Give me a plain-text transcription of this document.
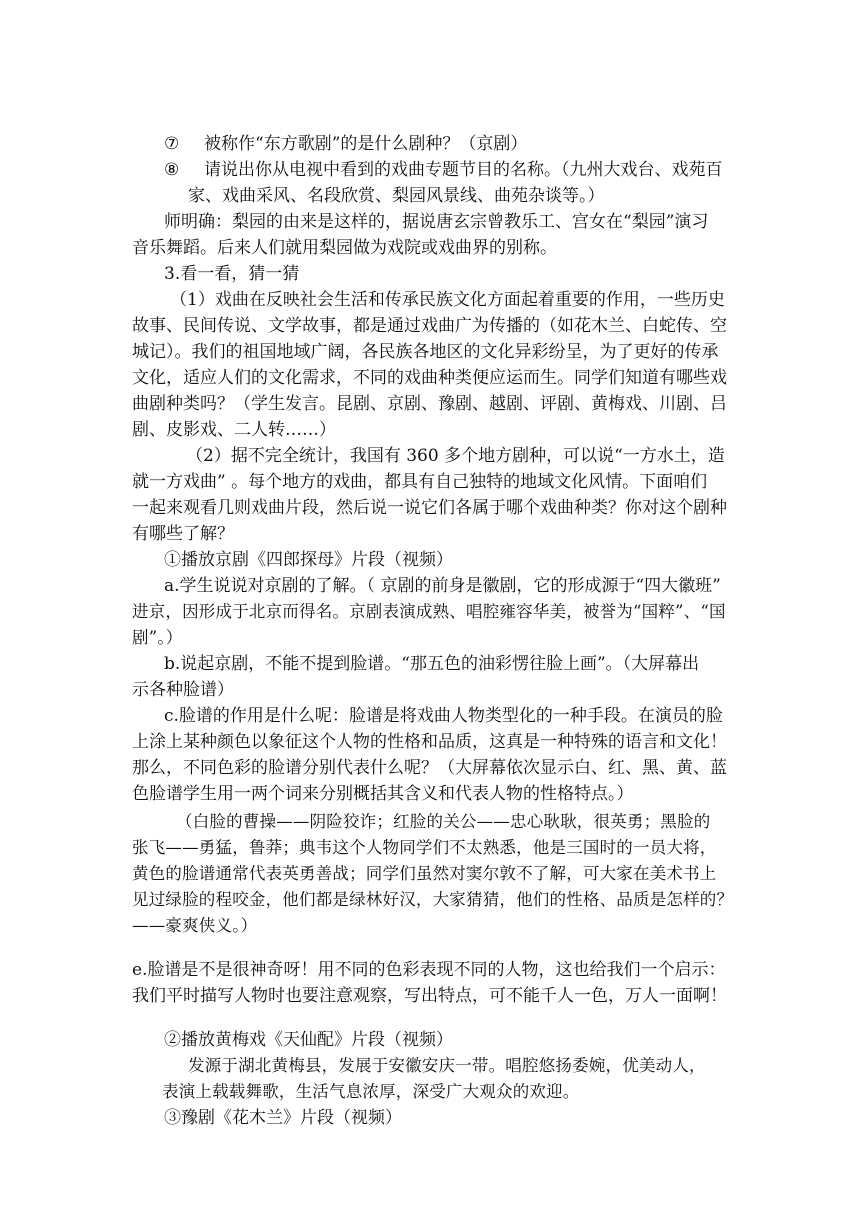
⑦ 被称作“东方歌剧”的是什么剧种？（京剧）
⑧ 请说出你从电视中看到的戏曲专题节目的名称。（九州大戏台、戏苑百
家、戏曲采风、名段欣赏、梨园风景线、曲苑杂谈等。）
师明确：梨园的由来是这样的，据说唐玄宗曾教乐工、宫女在“梨园”演习
音乐舞蹈。后来人们就用梨园做为戏院或戏曲界的别称。
3.看一看，猜一猜
（1）戏曲在反映社会生活和传承民族文化方面起着重要的作用，一些历史
故事、民间传说、文学故事，都是通过戏曲广为传播的（如花木兰、白蛇传、空
城记）。我们的祖国地域广阔，各民族各地区的文化异彩纷呈，为了更好的传承
文化，适应人们的文化需求，不同的戏曲种类便应运而生。同学们知道有哪些戏
曲剧种类吗？（学生发言。昆剧、京剧、豫剧、越剧、评剧、黄梅戏、川剧、吕
剧、皮影戏、二人转……）
（2）据不完全统计，我国有 360 多个地方剧种，可以说“一方水土，造
就一方戏曲” 。每个地方的戏曲，都具有自己独特的地域文化风情。下面咱们
一起来观看几则戏曲片段，然后说一说它们各属于哪个戏曲种类？你对这个剧种
有哪些了解？
①播放京剧《四郎探母》片段（视频）
a.学生说说对京剧的了解。（ 京剧的前身是徽剧，它的形成源于“四大徽班”
进京，因形成于北京而得名。京剧表演成熟、唱腔雍容华美，被誉为“国粹”、“国
剧”。）
b.说起京剧，不能不提到脸谱。“那五色的油彩愣往脸上画”。（大屏幕出
示各种脸谱）
c.脸谱的作用是什么呢：脸谱是将戏曲人物类型化的一种手段。在演员的脸
上涂上某种颜色以象征这个人物的性格和品质，这真是一种特殊的语言和文化！
那么，不同色彩的脸谱分别代表什么呢？（大屏幕依次显示白、红、黑、黄、蓝
色脸谱学生用一两个词来分别概括其含义和代表人物的性格特点。）
（白脸的曹操——阴险狡诈；红脸的关公——忠心耿耿，很英勇；黑脸的
张飞——勇猛，鲁莽；典韦这个人物同学们不太熟悉，他是三国时的一员大将，
黄色的脸谱通常代表英勇善战；同学们虽然对窦尔敦不了解，可大家在美术书上
见过绿脸的程咬金，他们都是绿林好汉，大家猜猜，他们的性格、品质是怎样的？
——豪爽侠义。）
e.脸谱是不是很神奇呀！用不同的色彩表现不同的人物，这也给我们一个启示：
我们平时描写人物时也要注意观察，写出特点，可不能千人一色，万人一面啊！
②播放黄梅戏《天仙配》片段（视频）
发源于湖北黄梅县，发展于安徽安庆一带。唱腔悠扬委婉，优美动人，
表演上载载舞歌，生活气息浓厚，深受广大观众的欢迎。
③豫剧《花木兰》片段（视频）
